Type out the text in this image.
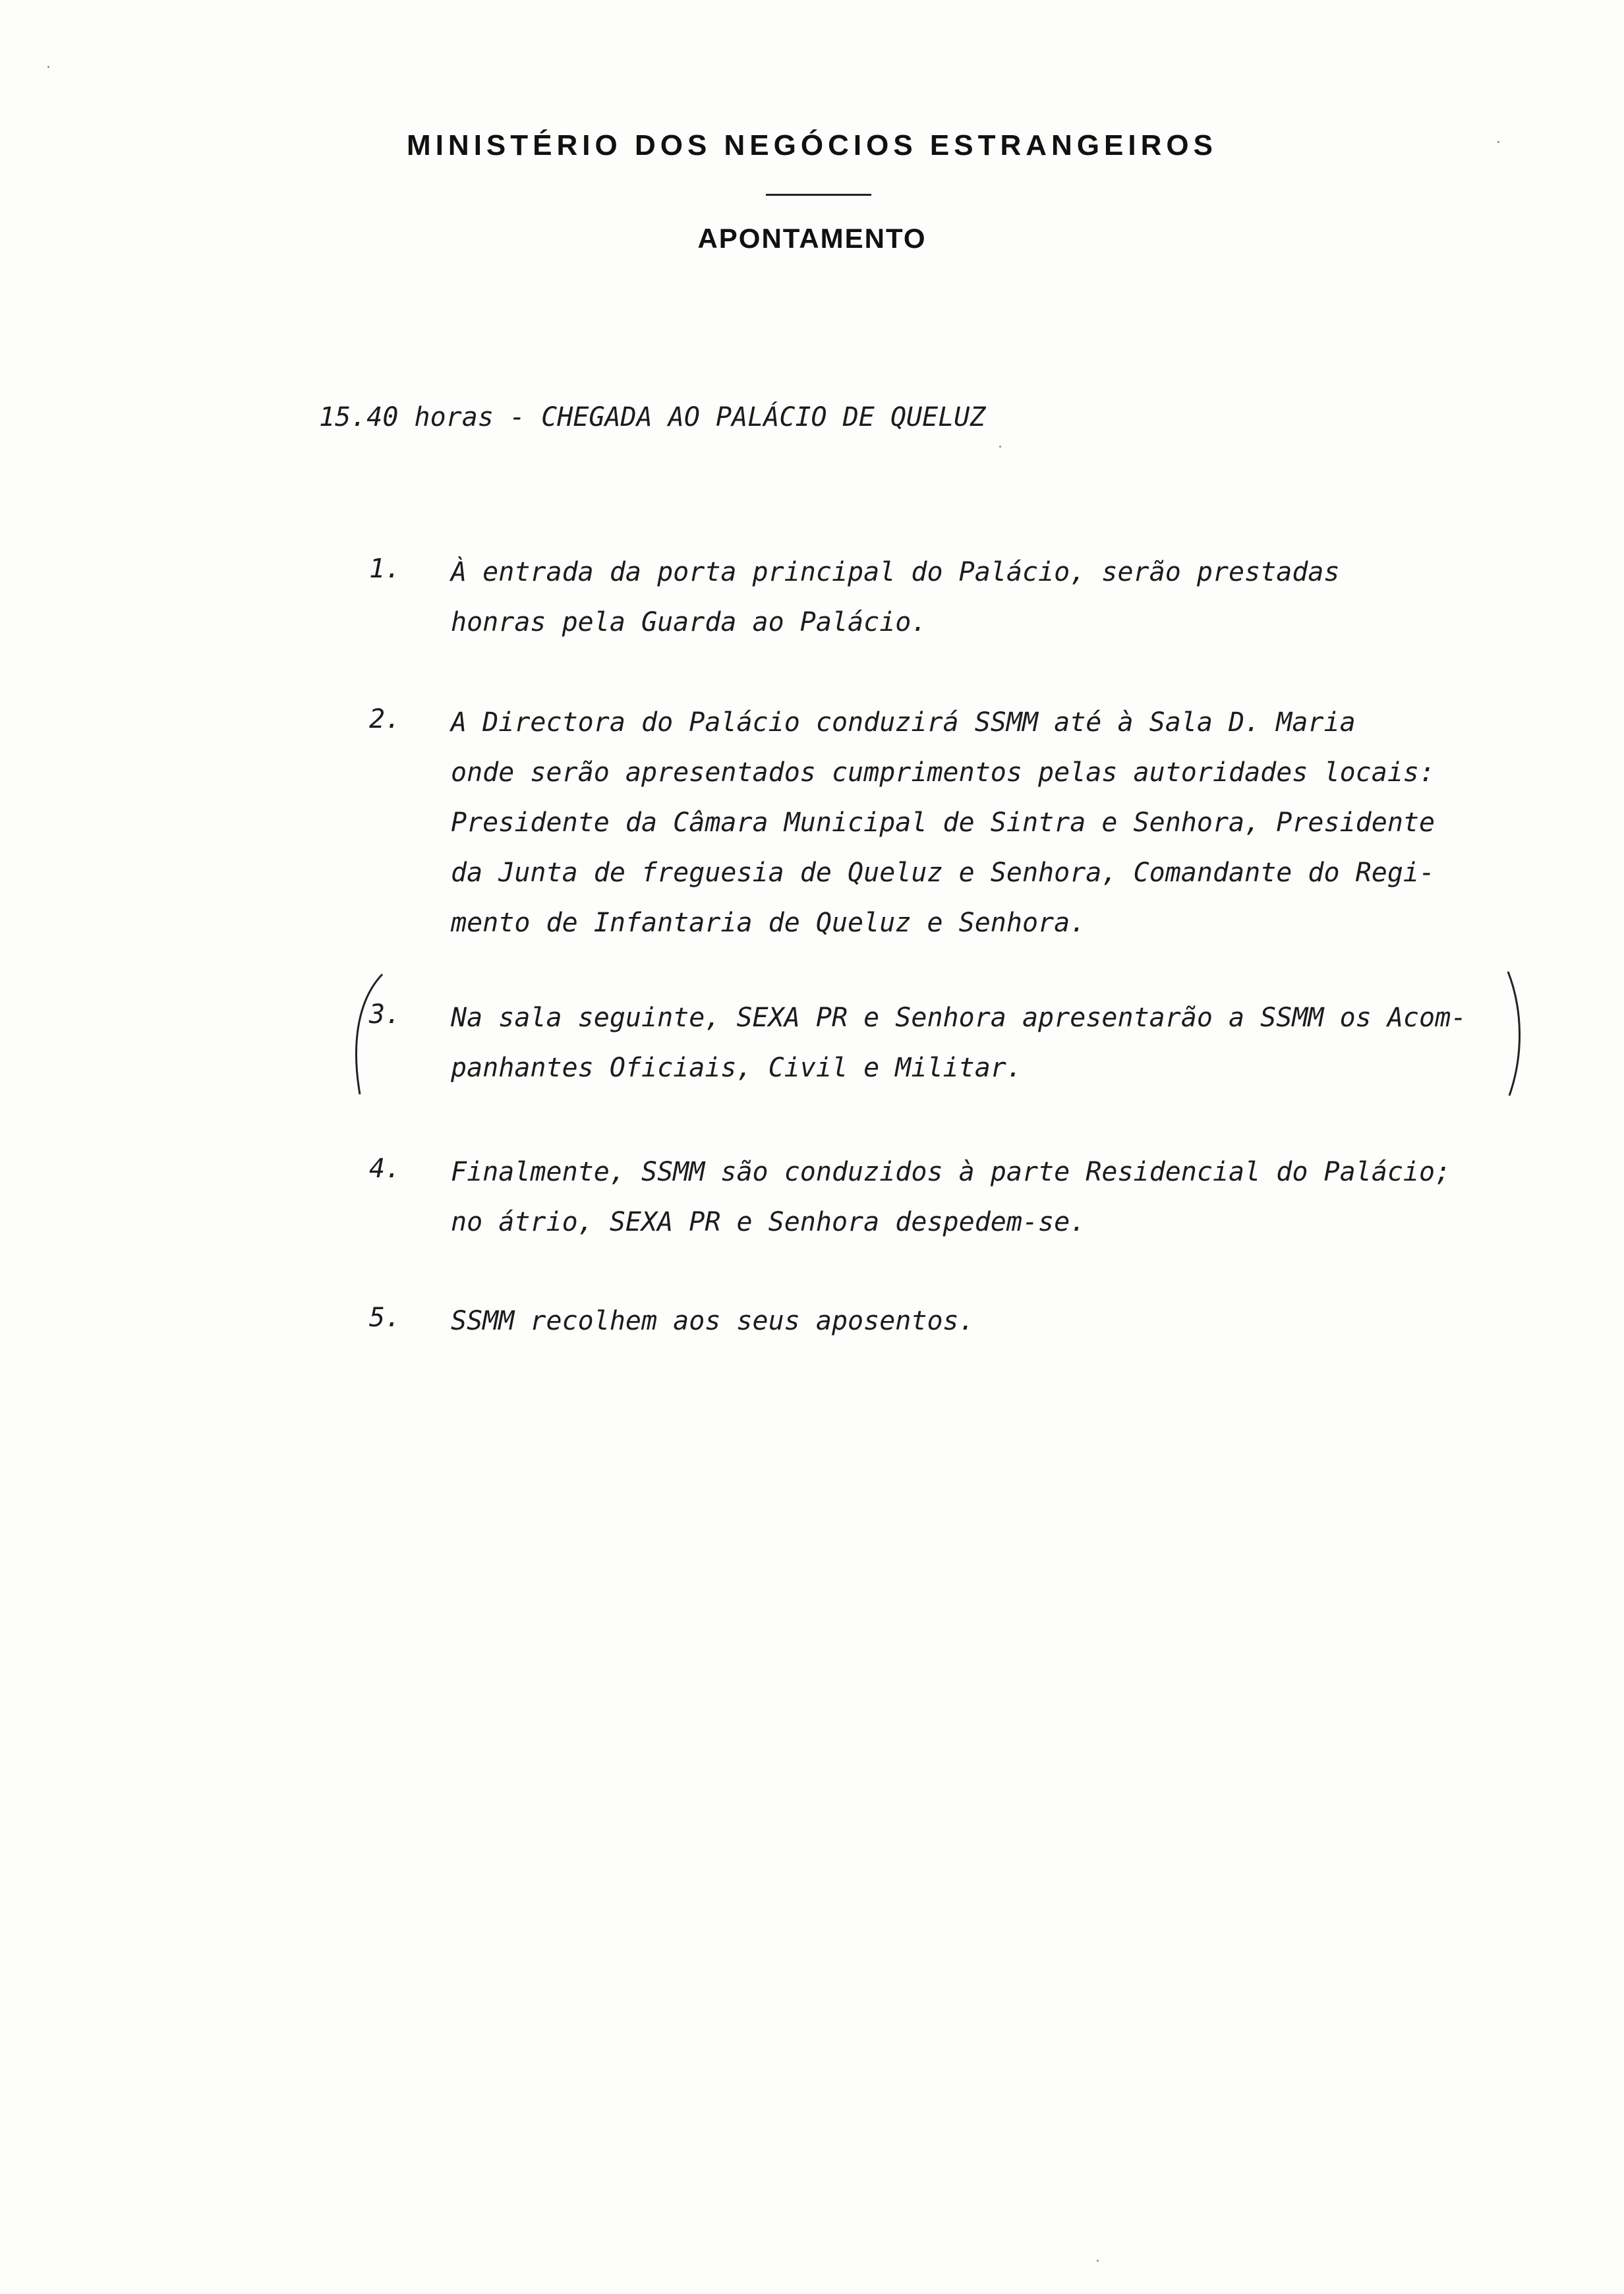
MINISTÉRIO DOS NEGÓCIOS ESTRANGEIROS
APONTAMENTO
15.40 horas - CHEGADA AO PALÁCIO DE QUELUZ
1. À entrada da porta principal do Palácio, serão prestadas
honras pela Guarda ao Palácio.
2. A Directora do Palácio conduzirá SSMM até à Sala D. Maria
onde serão apresentados cumprimentos pelas autoridades locais:
Presidente da Câmara Municipal de Sintra e Senhora, Presidente
da Junta de freguesia de Queluz e Senhora, Comandante do Regi-
mento de Infantaria de Queluz e Senhora.
3. Na sala seguinte, SEXA PR e Senhora apresentarão a SSMM os Acom-
panhantes Oficiais, Civil e Militar.
4. Finalmente, SSMM são conduzidos à parte Residencial do Palácio;
no átrio, SEXA PR e Senhora despedem-se.
5. SSMM recolhem aos seus aposentos.
